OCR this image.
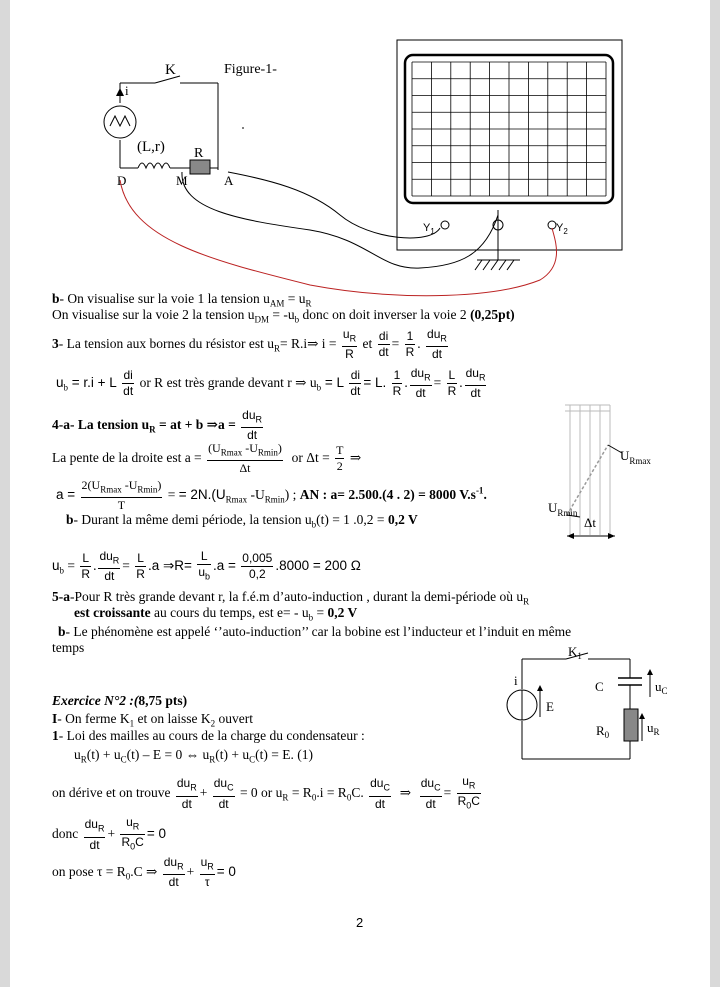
K	Figure-1-
i
(L,r) R
D	M	A
$Y_1$	$Y_2$
b- On visualise sur la voie 1 la tension $u_{AM} = u_R$
On visualise sur la voie 2 la tension $u_{DM} = -u_b$ donc on doit inverser la voie 2 (0,25pt)
3- La tension aux bornes du résistor est $u_R=$ R.i⇒ $i = \frac{u_R}{R}$ et $\frac{di}{dt} = \frac{1}{R}$ .
$du_R$
dt
$u_b = r.i + L \frac{di}{dt}$ or R est très grande devant r ⇒ $u_b = L \frac{di}{dt} = L$. $\frac{1}{R}$ .
$du_R$
dt
= $\frac{L}{R}$ .
$du_R$
dt
4-a- La tension $u_R$ = at + b ⇒a =
$du_R$
dt
La pente de la droite est a =
($U_{Rmax}$ $-U_{Rmin}$)
Δt
or $\Delta t = \frac{T}{2}$ ⇒
a =
$2(U_{Rmax}$ $-U_{Rmin}$)
T
= = $2N.(U_{Rmax}$ $-U_{Rmin}$) ; AN : a= 2.500.(4 . 2) = 8000 $V.s^{-1}$.
b- Durant la même demi période, la tension $u_b(t) = 1$ .0,2 = 0,2 V
$u_b = \frac{L}{R}$ .
$du_R$
dt
= $\frac{L}{R} .a$ ⇒R= $\frac{L}{u_b} .a = \frac{0,005}{0,2} .8000 = 200$ Ω
$U_{Rmax}$
$U_{Rmin}$
Δt
5-a-Pour R très grande devant r, la f.é.m d’auto-induction , durant la demi-période où $u_R$
est croissante au cours du temps, est $e= - u_b = 0,2$ V
b- Le phénomène est appelé ‘’auto-induction’’ car la bobine est l’inducteur et l’induit en même
temps	$K_1$
i
E
C	$u_C$
$R_0$	$u_R$
Exercice N°2 :(8,75 pts)
I- On ferme $K_1$ et on laisse $K_2$ ouvert
1- Loi des mailles au cours de la charge du condensateur :
$u_R(t) + u_C(t) - E = 0$ ⇔ $u_R(t) + u_C(t) = E$. (1)
on dérive et on trouve
$du_R$
dt
+
$du_C$
dt
= 0 or $u_R = R_0.i = R_0C$.
$du_C$
dt
⇒
$du_C$
dt
= $\frac{u_R}{R_0C}$
donc
$du_R$
dt
+ $\frac{u_R}{R_0C} = 0$
on pose $\tau = R_0.C$ ⇒
$du_R$
dt
+ $\frac{u_R}{\tau} = 0$
2
